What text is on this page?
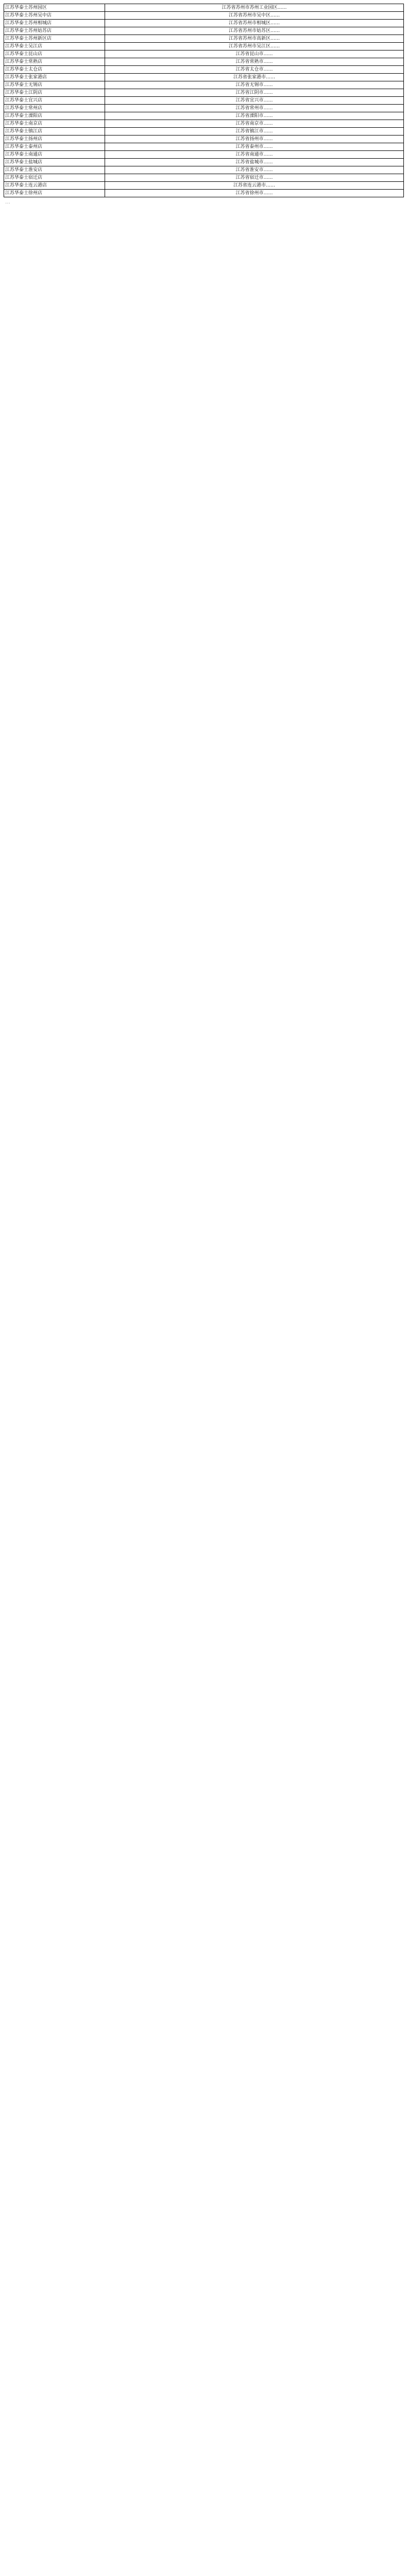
江苏华泰士苏州园区	江苏省苏州市苏州工业园区……
江苏华泰士苏州吴中店	江苏省苏州市吴中区……
江苏华泰士苏州相城店	江苏省苏州市相城区……
江苏华泰士苏州姑苏店	江苏省苏州市姑苏区……
江苏华泰士苏州新区店	江苏省苏州市高新区……
江苏华泰士吴江店	江苏省苏州市吴江区……
江苏华泰士昆山店	江苏省昆山市……
江苏华泰士常熟店	江苏省常熟市……
江苏华泰士太仓店	江苏省太仓市……
江苏华泰士张家港店	江苏省张家港市……
江苏华泰士无锡店	江苏省无锡市……
江苏华泰士江阴店	江苏省江阴市……
江苏华泰士宜兴店	江苏省宜兴市……
江苏华泰士常州店	江苏省常州市……
江苏华泰士溧阳店	江苏省溧阳市……
江苏华泰士南京店	江苏省南京市……
江苏华泰士镇江店	江苏省镇江市……
江苏华泰士扬州店	江苏省扬州市……
江苏华泰士泰州店	江苏省泰州市……
江苏华泰士南通店	江苏省南通市……
江苏华泰士盐城店	江苏省盐城市……
江苏华泰士淮安店	江苏省淮安市……
江苏华泰士宿迁店	江苏省宿迁市……
江苏华泰士连云港店	江苏省连云港市……
江苏华泰士徐州店	江苏省徐州市……
…
